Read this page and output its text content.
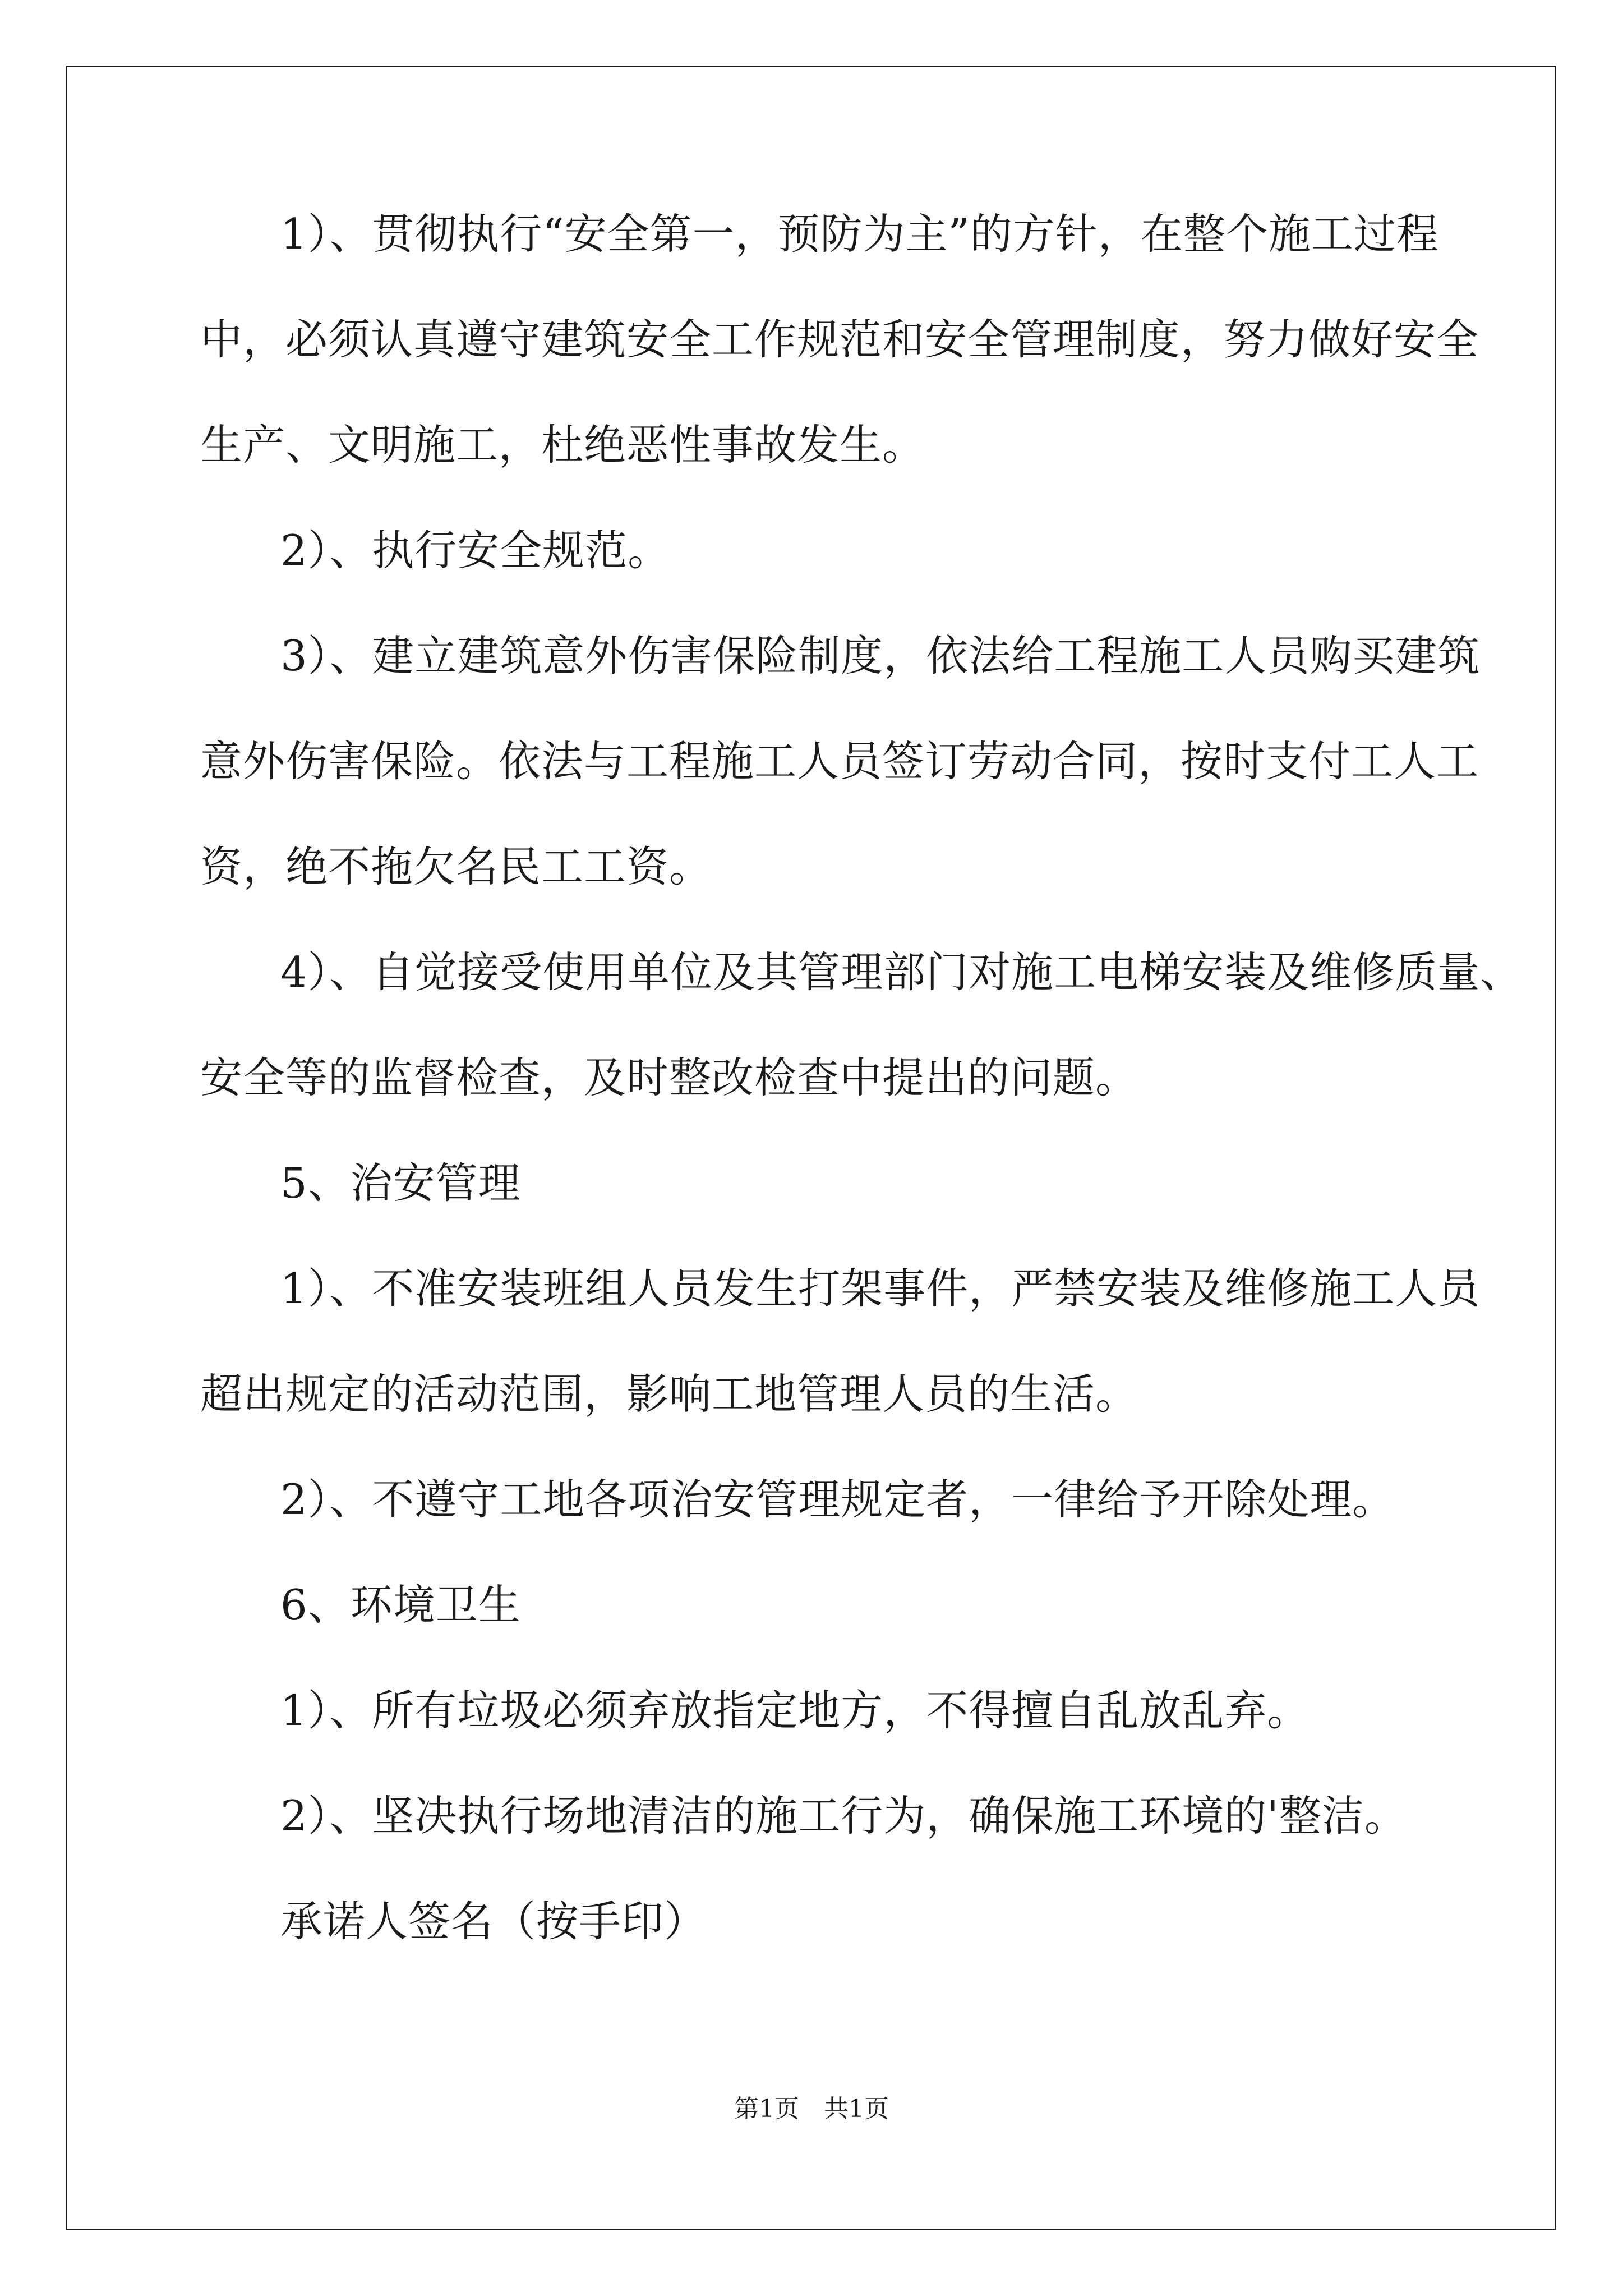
1）、贯彻执行“安全第一，预防为主”的方针，在整个施工过程
中，必须认真遵守建筑安全工作规范和安全管理制度，努力做好安全
生产、文明施工，杜绝恶性事故发生。
2）、执行安全规范。
3）、建立建筑意外伤害保险制度，依法给工程施工人员购买建筑
意外伤害保险。依法与工程施工人员签订劳动合同，按时支付工人工
资，绝不拖欠名民工工资。
4）、自觉接受使用单位及其管理部门对施工电梯安装及维修质量、
安全等的监督检查，及时整改检查中提出的问题。
5、治安管理
1）、不准安装班组人员发生打架事件，严禁安装及维修施工人员
超出规定的活动范围，影响工地管理人员的生活。
2）、不遵守工地各项治安管理规定者，一律给予开除处理。
6、环境卫生
1）、所有垃圾必须弃放指定地方，不得擅自乱放乱弃。
2）、坚决执行场地清洁的施工行为，确保施工环境的'整洁。
承诺人签名（按手印）
第1页　共1页
